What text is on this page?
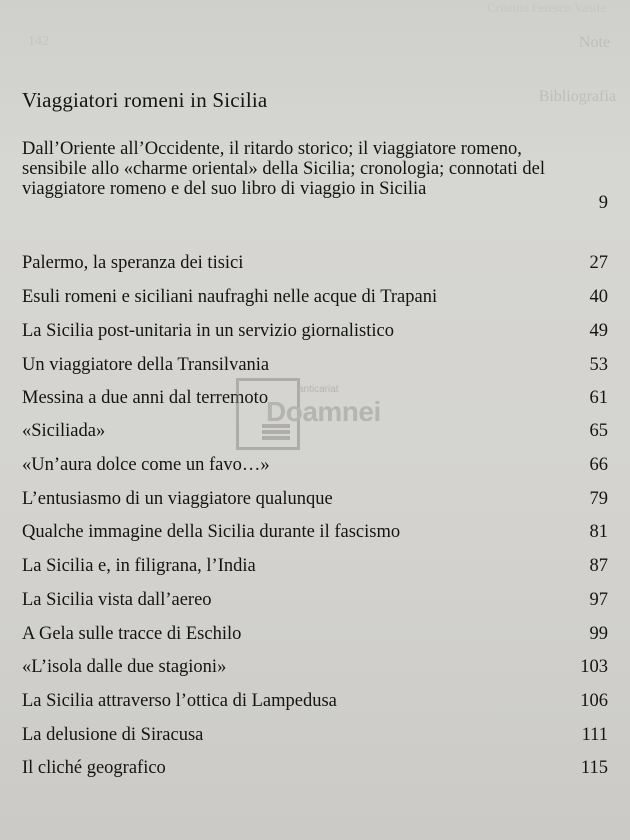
Cristina Fetescu Vasile
142	Note
Bibliografia
Viaggiatori romeni in Sicilia
Dall’Oriente all’Occidente, il ritardo storico; il viaggiatore romeno, sensibile allo «charme oriental» della Sicilia; cronologia; connotati del viaggiatore romeno e del suo libro di viaggio in Sicilia
9
Palermo, la speranza dei tisici	27
Esuli romeni e siciliani naufraghi nelle acque di Trapani	40
La Sicilia post-unitaria in un servizio giornalistico	49
Un viaggiatore della Transilvania	53
Messina a due anni dal terremoto	61
«Siciliada»	65
«Un’aura dolce come un favo…»	66
L’entusiasmo di un viaggiatore qualunque	79
Qualche immagine della Sicilia durante il fascismo	81
La Sicilia e, in filigrana, l’India	87
La Sicilia vista dall’aereo	97
A Gela sulle tracce di Eschilo	99
«L’isola dalle due stagioni»	103
La Sicilia attraverso l’ottica di Lampedusa	106
La delusione di Siracusa	111
Il cliché geografico	115
anticariat
Doamnei
